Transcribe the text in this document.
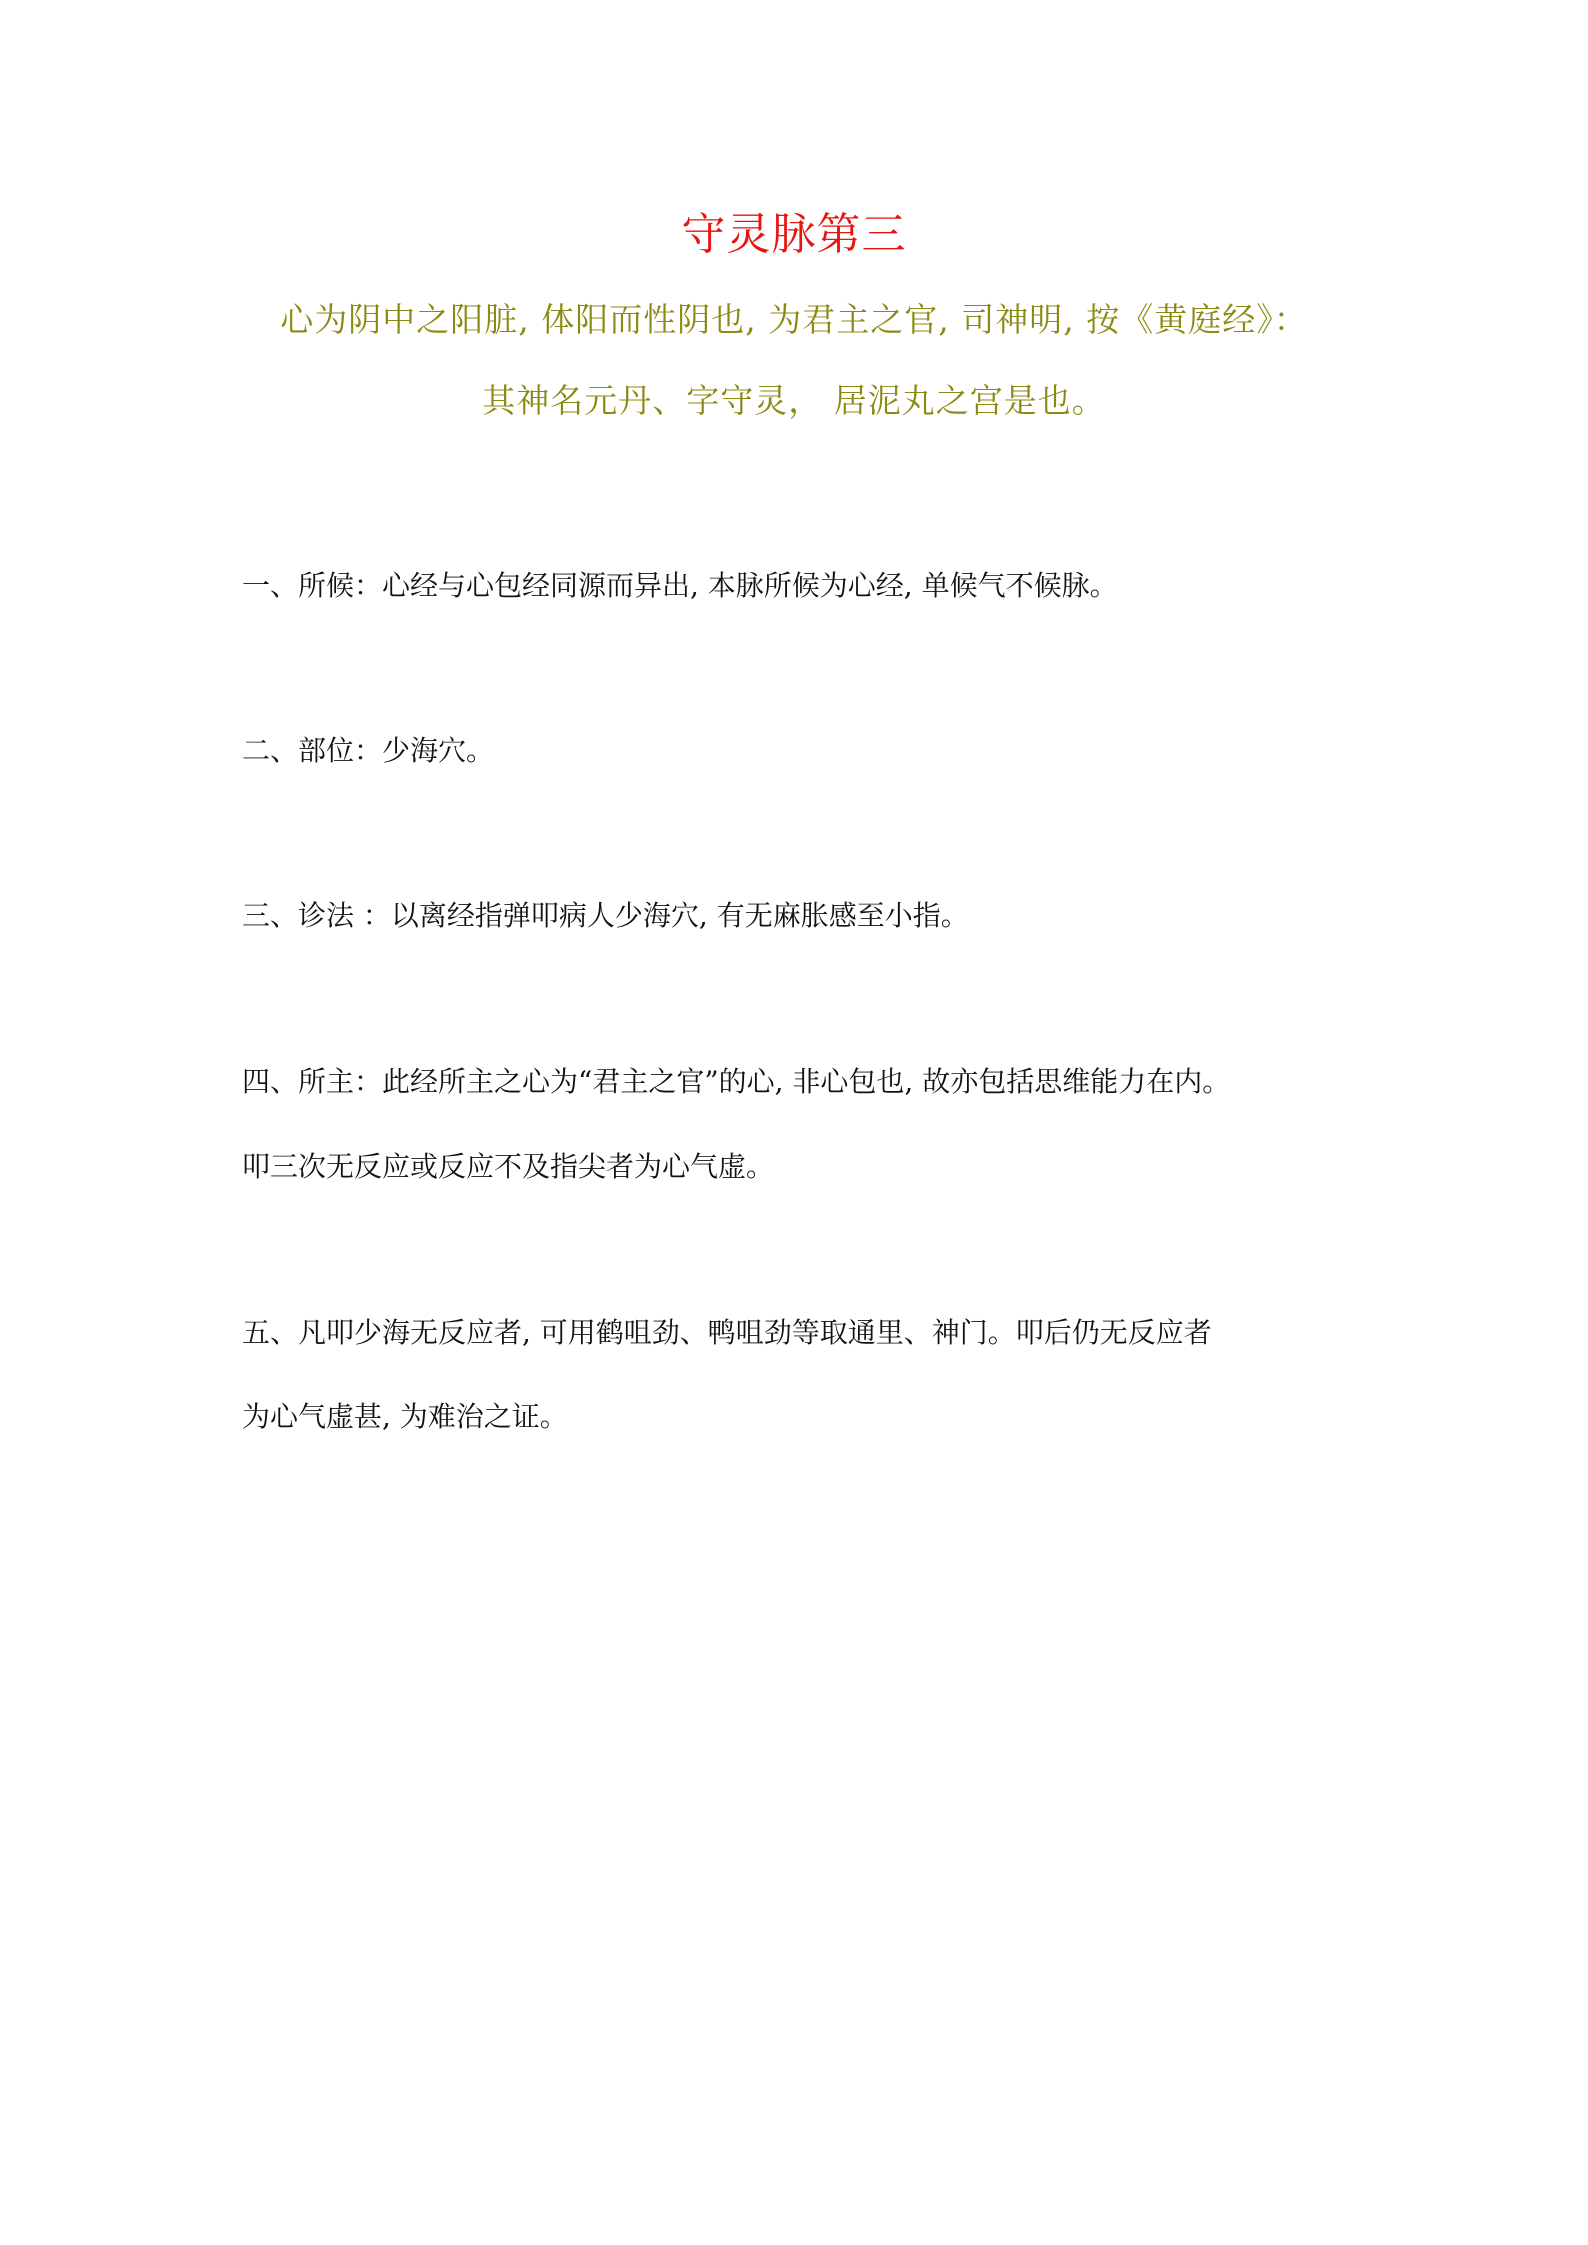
守灵脉第三
心为阴中之阳脏, 体阳而性阴也, 为君主之官, 司神明, 按《黄庭经》：
其神名元丹、字守灵， 居泥丸之宫是也。
一、所候：心经与心包经同源而异出, 本脉所候为心经, 单候气不候脉。
二、部位：少海穴。
三、诊法 ：以离经指弹叩病人少海穴, 有无麻胀感至小指。
四、所主：此经所主之心为“君主之官”的心, 非心包也, 故亦包括思维能力在内。
叩三次无反应或反应不及指尖者为心气虚。
五、凡叩少海无反应者, 可用鹤咀劲、鸭咀劲等取通里、神门。叩后仍无反应者
为心气虚甚, 为难治之证。
